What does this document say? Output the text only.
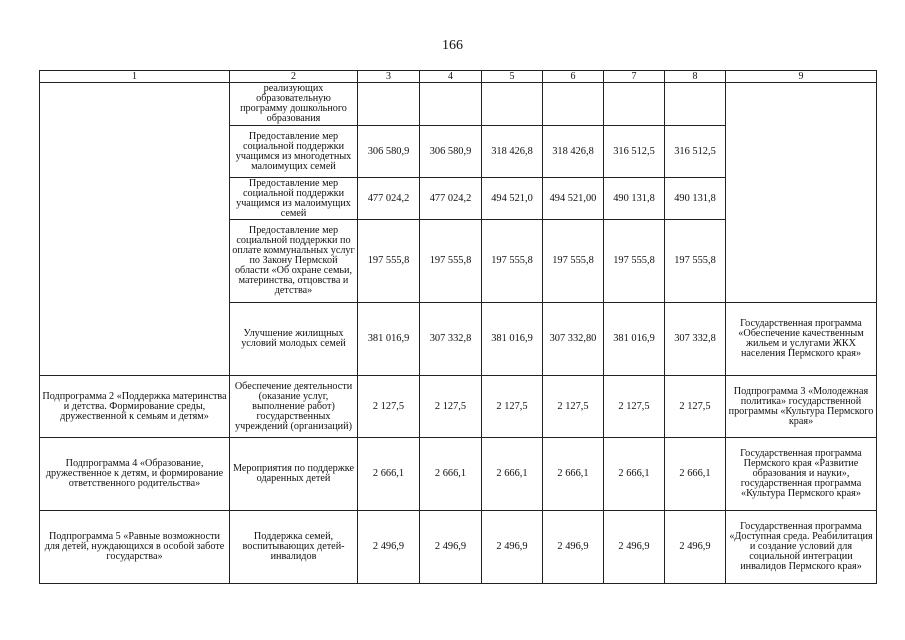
166
1	2	3	4	5	6	7	8	9
	реализующих образовательную программу дошкольного образования							
	Предоставление мер социальной поддержки учащимся из многодетных малоимущих семей	306 580,9	306 580,9	318 426,8	318 426,8	316 512,5	316 512,5	
	Предоставление мер социальной поддержки учащимся из малоимущих семей	477 024,2	477 024,2	494 521,0	494 521,00	490 131,8	490 131,8	
	Предоставление мер социальной поддержки по оплате коммунальных услуг по Закону Пермской области «Об охране семьи, материнства, отцовства и детства»	197 555,8	197 555,8	197 555,8	197 555,8	197 555,8	197 555,8	
	Улучшение жилищных условий молодых семей	381 016,9	307 332,8	381 016,9	307 332,80	381 016,9	307 332,8	Государственная программа «Обеспечение качественным жильем и услугами ЖКХ населения Пермского края»
Подпрограмма 2 «Поддержка материнства и детства. Формирование среды, дружественной к семьям и детям»	Обеспечение деятельности (оказание услуг, выполнение работ) государственных учреждений (организаций)	2 127,5	2 127,5	2 127,5	2 127,5	2 127,5	2 127,5	Подпрограмма 3 «Молодежная политика» государственной программы «Культура Пермского края»
Подпрограмма 4 «Образование, дружественное к детям, и формирование ответственного родительства»	Мероприятия по поддержке одаренных детей	2 666,1	2 666,1	2 666,1	2 666,1	2 666,1	2 666,1	Государственная программа Пермского края «Развитие образования и науки», государственная программа «Культура Пермского края»
Подпрограмма 5 «Равные возможности для детей, нуждающихся в особой заботе государства»	Поддержка семей, воспитывающих детей-инвалидов	2 496,9	2 496,9	2 496,9	2 496,9	2 496,9	2 496,9	Государственная программа «Доступная среда. Реабилитация и создание условий для социальной интеграции инвалидов Пермского края»
